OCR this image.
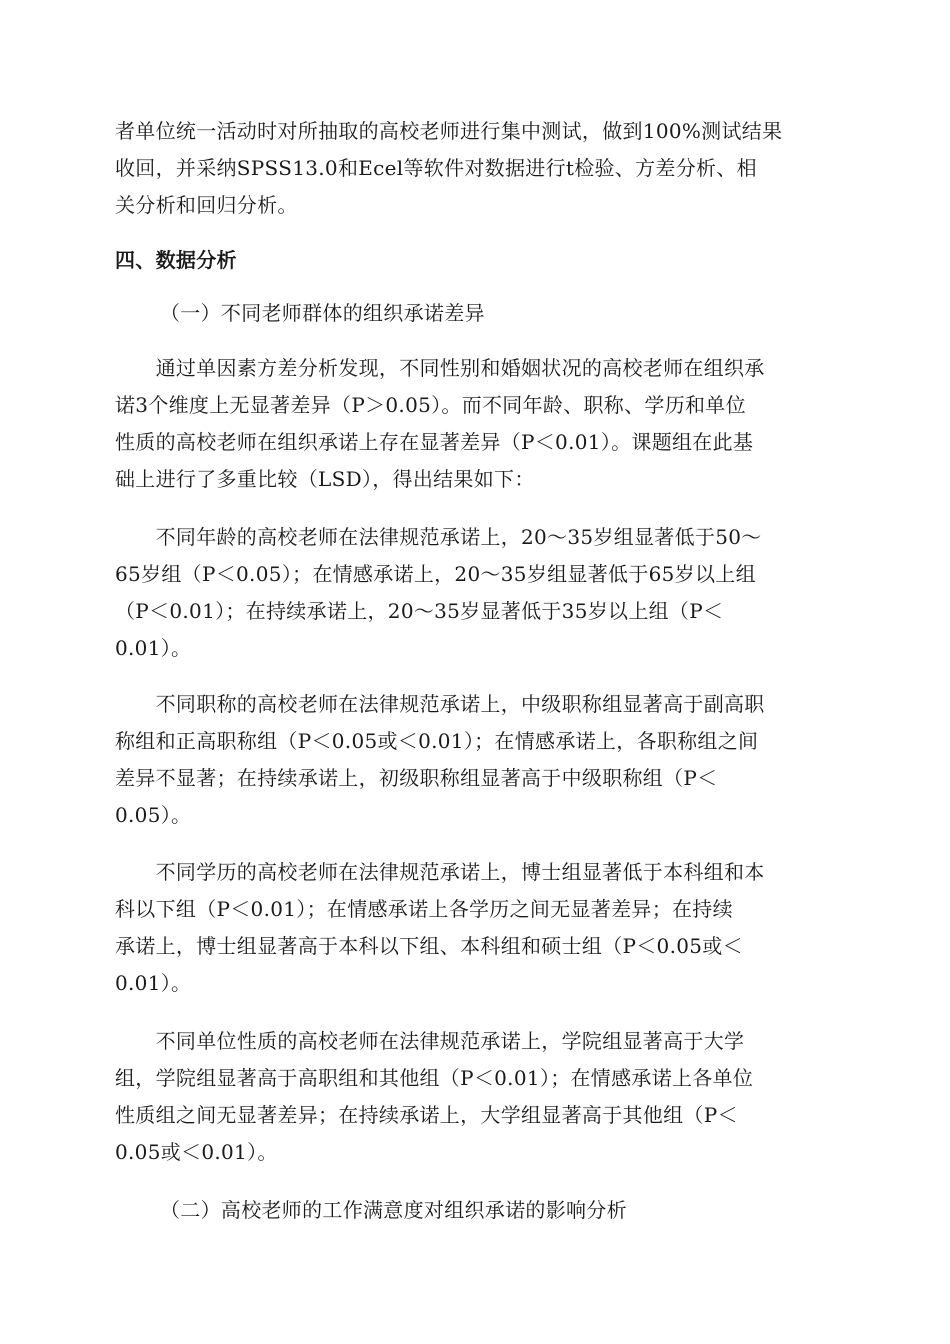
者单位统一活动时对所抽取的高校老师进行集中测试，做到100%测试结果
收回，并采纳SPSS13.0和Ecel等软件对数据进行t检验、方差分析、相
关分析和回归分析。

四、数据分析

（一）不同老师群体的组织承诺差异

　　通过单因素方差分析发现，不同性别和婚姻状况的高校老师在组织承
诺3个维度上无显著差异（P＞0.05）。而不同年龄、职称、学历和单位
性质的高校老师在组织承诺上存在显著差异（P＜0.01）。课题组在此基
础上进行了多重比较（LSD），得出结果如下：

　　不同年龄的高校老师在法律规范承诺上，20～35岁组显著低于50～
65岁组（P＜0.05）；在情感承诺上，20～35岁组显著低于65岁以上组
（P＜0.01）；在持续承诺上，20～35岁显著低于35岁以上组（P＜
0.01）。

　　不同职称的高校老师在法律规范承诺上，中级职称组显著高于副高职
称组和正高职称组（P＜0.05或＜0.01）；在情感承诺上，各职称组之间
差异不显著；在持续承诺上，初级职称组显著高于中级职称组（P＜
0.05）。

　　不同学历的高校老师在法律规范承诺上，博士组显著低于本科组和本
科以下组（P＜0.01）；在情感承诺上各学历之间无显著差异；在持续
承诺上，博士组显著高于本科以下组、本科组和硕士组（P＜0.05或＜
0.01）。

　　不同单位性质的高校老师在法律规范承诺上，学院组显著高于大学
组，学院组显著高于高职组和其他组（P＜0.01）；在情感承诺上各单位
性质组之间无显著差异；在持续承诺上，大学组显著高于其他组（P＜
0.05或＜0.01）。

（二）高校老师的工作满意度对组织承诺的影响分析
